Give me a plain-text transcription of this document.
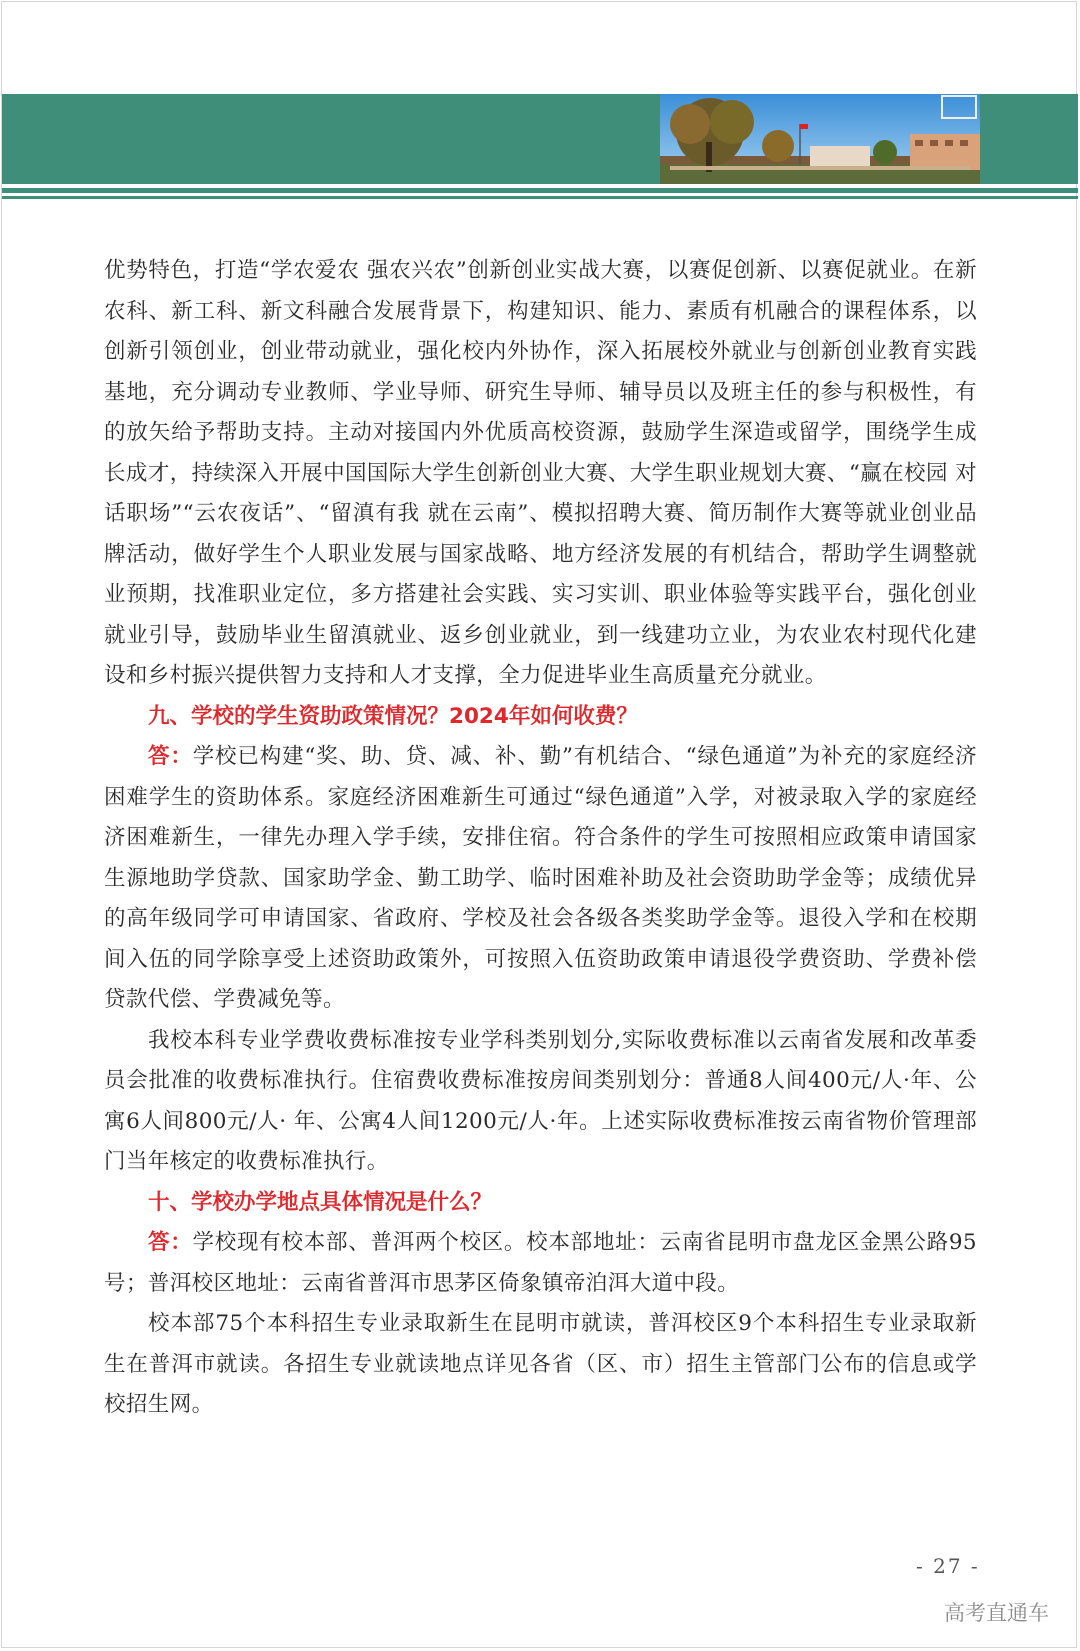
优势特色，打造“学农爱农 强农兴农”创新创业实战大赛，以赛促创新、以赛促就业。在新农科、新工科、新文科融合发展背景下，构建知识、能力、素质有机融合的课程体系，以创新引领创业，创业带动就业，强化校内外协作，深入拓展校外就业与创新创业教育实践基地，充分调动专业教师、学业导师、研究生导师、辅导员以及班主任的参与积极性，有的放矢给予帮助支持。主动对接国内外优质高校资源，鼓励学生深造或留学，围绕学生成长成才，持续深入开展中国国际大学生创新创业大赛、大学生职业规划大赛、“赢在校园 对话职场”“云农夜话”、“留滇有我 就在云南”、模拟招聘大赛、简历制作大赛等就业创业品牌活动，做好学生个人职业发展与国家战略、地方经济发展的有机结合，帮助学生调整就业预期，找准职业定位，多方搭建社会实践、实习实训、职业体验等实践平台，强化创业就业引导，鼓励毕业生留滇就业、返乡创业就业，到一线建功立业，为农业农村现代化建设和乡村振兴提供智力支持和人才支撑，全力促进毕业生高质量充分就业。

九、学校的学生资助政策情况？2024年如何收费？

答：学校已构建“奖、助、贷、减、补、勤”有机结合、“绿色通道”为补充的家庭经济困难学生的资助体系。家庭经济困难新生可通过“绿色通道”入学，对被录取入学的家庭经济困难新生，一律先办理入学手续，安排住宿。符合条件的学生可按照相应政策申请国家生源地助学贷款、国家助学金、勤工助学、临时困难补助及社会资助助学金等；成绩优异的高年级同学可申请国家、省政府、学校及社会各级各类奖助学金等。退役入学和在校期间入伍的同学除享受上述资助政策外，可按照入伍资助政策申请退役学费资助、学费补偿贷款代偿、学费减免等。

我校本科专业学费收费标准按专业学科类别划分,实际收费标准以云南省发展和改革委员会批准的收费标准执行。住宿费收费标准按房间类别划分：普通8人间400元/人·年、公寓6人间800元/人· 年、公寓4人间1200元/人·年。上述实际收费标准按云南省物价管理部门当年核定的收费标准执行。

十、学校办学地点具体情况是什么？

答：学校现有校本部、普洱两个校区。校本部地址：云南省昆明市盘龙区金黑公路95号；普洱校区地址：云南省普洱市思茅区倚象镇帝泊洱大道中段。

校本部75个本科招生专业录取新生在昆明市就读，普洱校区9个本科招生专业录取新生在普洱市就读。各招生专业就读地点详见各省（区、市）招生主管部门公布的信息或学校招生网。

- 27 -
高考直通车
